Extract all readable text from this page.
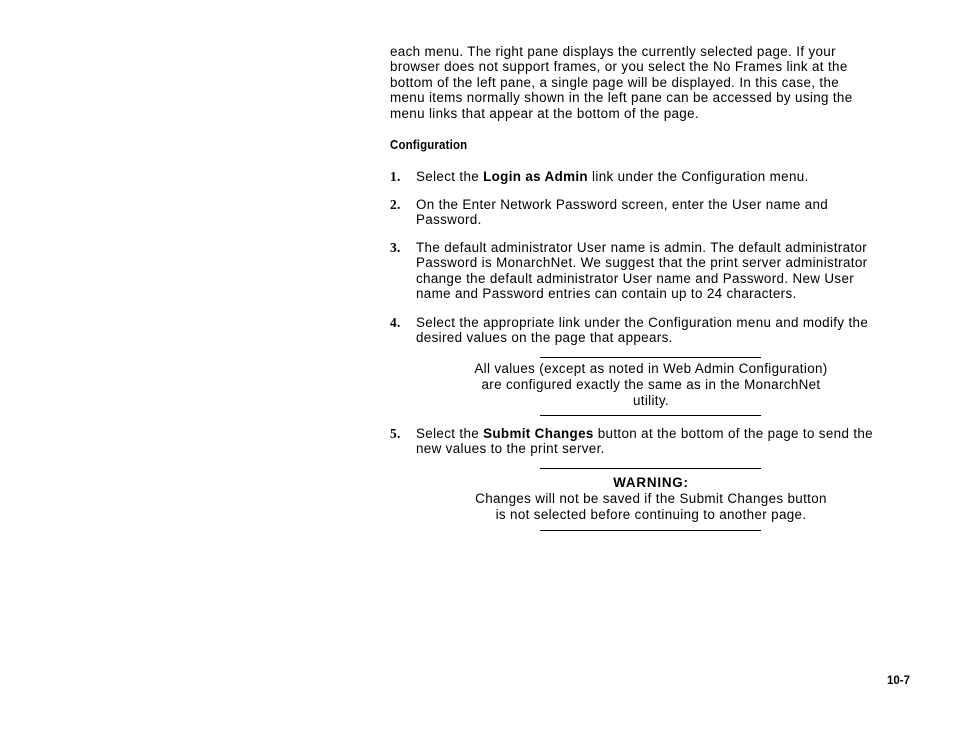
each menu. The right pane displays the currently selected page. If your
browser does not support frames, or you select the No Frames link at the
bottom of the left pane, a single page will be displayed. In this case, the
menu items normally shown in the left pane can be accessed by using the
menu links that appear at the bottom of the page.

Configuration
1. Select the Login as Admin link under the Configuration menu.
2. On the Enter Network Password screen, enter the User name and
Password.
3. The default administrator User name is admin. The default administrator
Password is MonarchNet. We suggest that the print server administrator
change the default administrator User name and Password. New User
name and Password entries can contain up to 24 characters.
4. Select the appropriate link under the Configuration menu and modify the
desired values on the page that appears.
All values (except as noted in Web Admin Configuration)
are configured exactly the same as in the MonarchNet
utility.
5. Select the Submit Changes button at the bottom of the page to send the
new values to the print server.
WARNING:
Changes will not be saved if the Submit Changes button
is not selected before continuing to another page.
10-7
